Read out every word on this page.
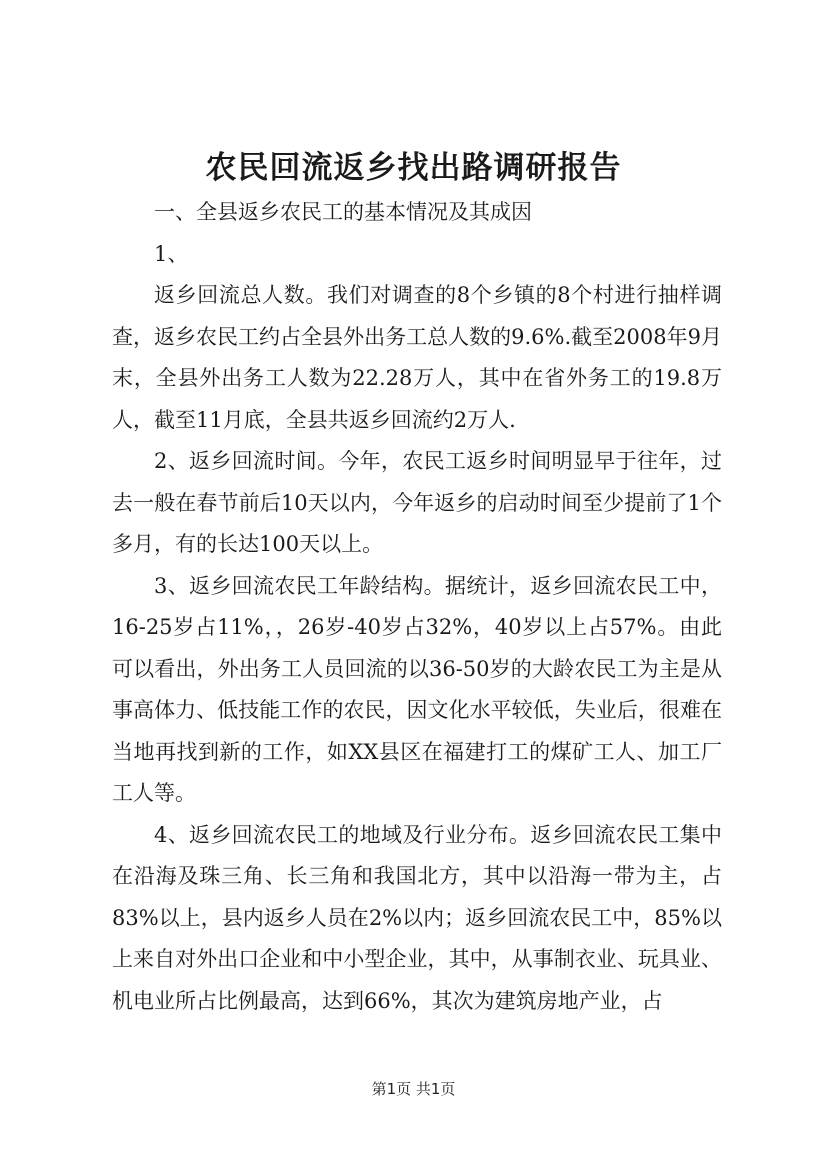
农民回流返乡找出路调研报告

一、全县返乡农民工的基本情况及其成因

1、

返乡回流总人数。我们对调查的8个乡镇的8个村进行抽样调查，返乡农民工约占全县外出务工总人数的9.6%.截至2008年9月末，全县外出务工人数为22.28万人，其中在省外务工的19.8万人，截至11月底，全县共返乡回流约2万人.

2、返乡回流时间。今年，农民工返乡时间明显早于往年，过去一般在春节前后10天以内，今年返乡的启动时间至少提前了1个多月，有的长达100天以上。

3、返乡回流农民工年龄结构。据统计，返乡回流农民工中，16-25岁占11%，，26岁-40岁占32%，40岁以上占57%。由此可以看出，外出务工人员回流的以36-50岁的大龄农民工为主是从事高体力、低技能工作的农民，因文化水平较低，失业后，很难在当地再找到新的工作，如XX县区在福建打工的煤矿工人、加工厂工人等。

4、返乡回流农民工的地域及行业分布。返乡回流农民工集中在沿海及珠三角、长三角和我国北方，其中以沿海一带为主，占83%以上，县内返乡人员在2%以内；返乡回流农民工中，85%以上来自对外出口企业和中小型企业，其中，从事制衣业、玩具业、机电业所占比例最高，达到66%，其次为建筑房地产业，占

第1页 共1页
